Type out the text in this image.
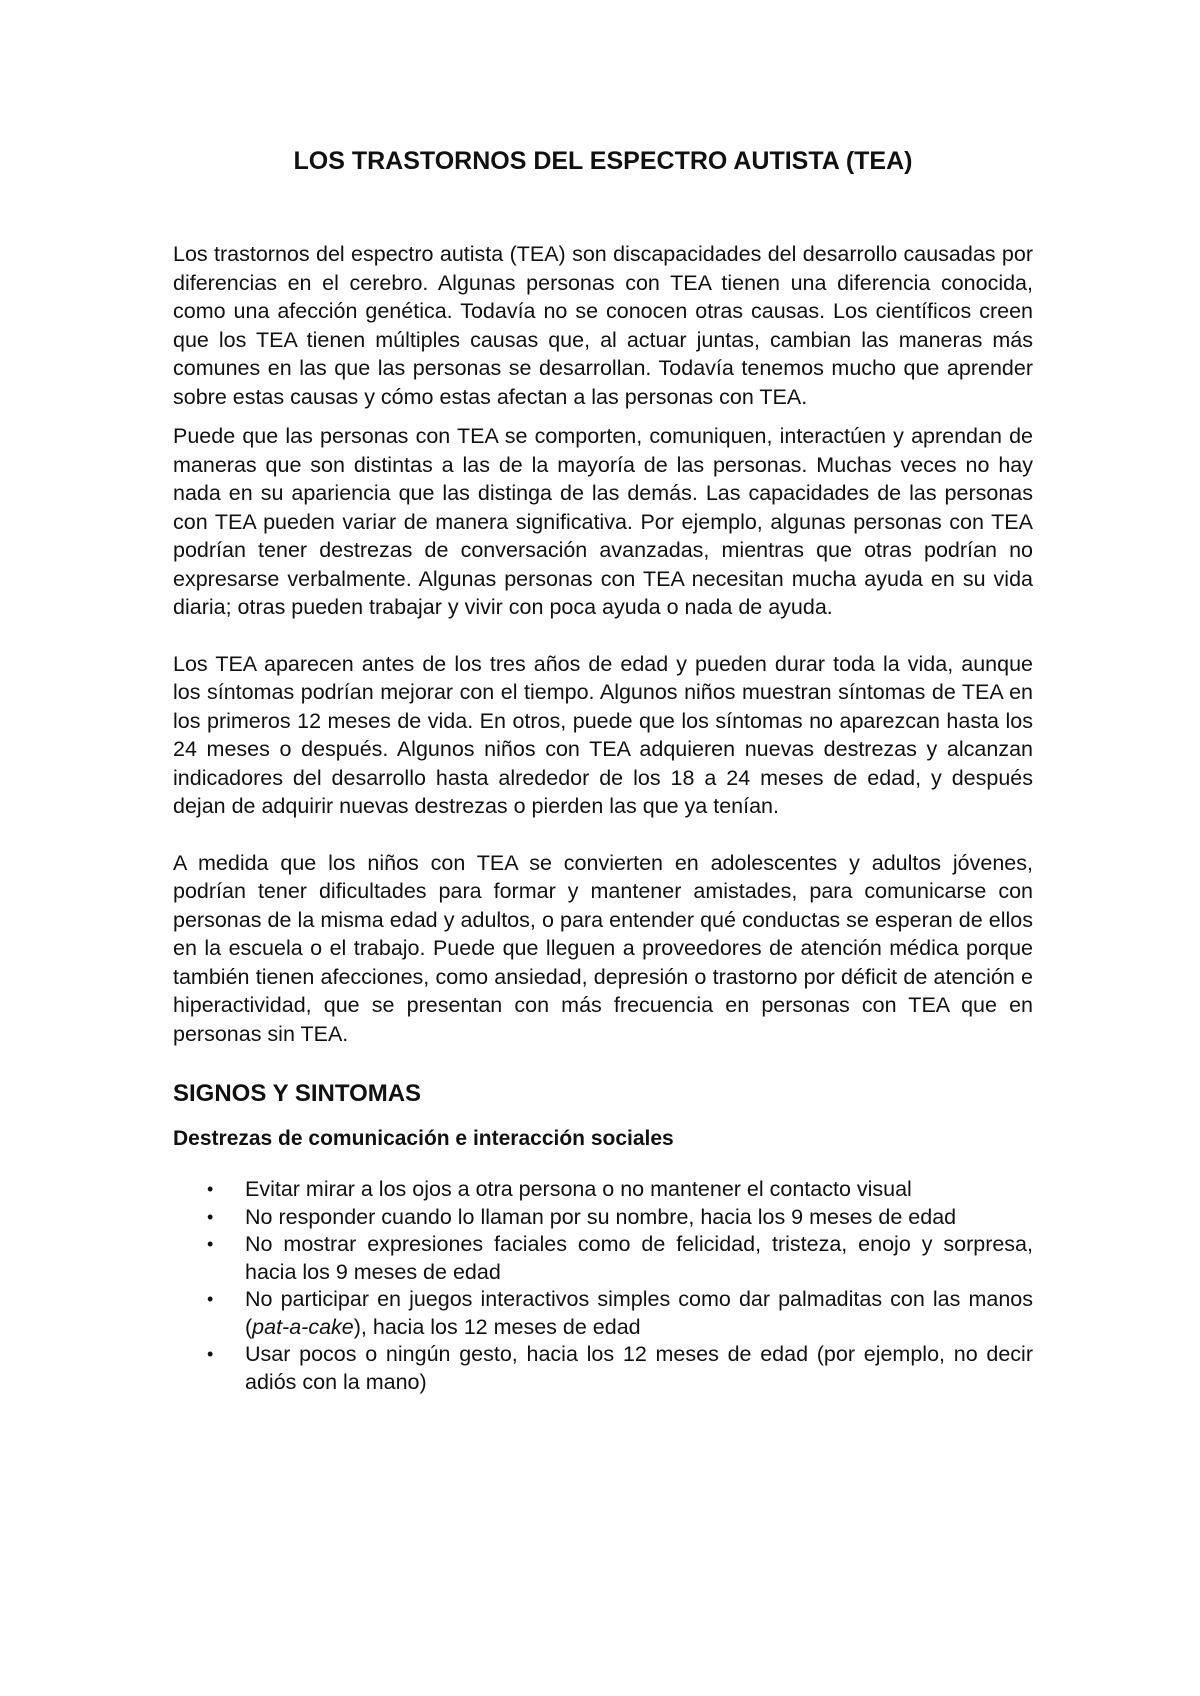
LOS TRASTORNOS DEL ESPECTRO AUTISTA (TEA)

Los trastornos del espectro autista (TEA) son discapacidades del desarrollo causadas por diferencias en el cerebro. Algunas personas con TEA tienen una diferencia conocida, como una afección genética. Todavía no se conocen otras causas. Los científicos creen que los TEA tienen múltiples causas que, al actuar juntas, cambian las maneras más comunes en las que las personas se desarrollan. Todavía tenemos mucho que aprender sobre estas causas y cómo estas afectan a las personas con TEA.

Puede que las personas con TEA se comporten, comuniquen, interactúen y aprendan de maneras que son distintas a las de la mayoría de las personas. Muchas veces no hay nada en su apariencia que las distinga de las demás. Las capacidades de las personas con TEA pueden variar de manera significativa. Por ejemplo, algunas personas con TEA podrían tener destrezas de conversación avanzadas, mientras que otras podrían no expresarse verbalmente. Algunas personas con TEA necesitan mucha ayuda en su vida diaria; otras pueden trabajar y vivir con poca ayuda o nada de ayuda.

Los TEA aparecen antes de los tres años de edad y pueden durar toda la vida, aunque los síntomas podrían mejorar con el tiempo. Algunos niños muestran síntomas de TEA en los primeros 12 meses de vida. En otros, puede que los síntomas no aparezcan hasta los 24 meses o después. Algunos niños con TEA adquieren nuevas destrezas y alcanzan indicadores del desarrollo hasta alrededor de los 18 a 24 meses de edad, y después dejan de adquirir nuevas destrezas o pierden las que ya tenían.

A medida que los niños con TEA se convierten en adolescentes y adultos jóvenes, podrían tener dificultades para formar y mantener amistades, para comunicarse con personas de la misma edad y adultos, o para entender qué conductas se esperan de ellos en la escuela o el trabajo. Puede que lleguen a proveedores de atención médica porque también tienen afecciones, como ansiedad, depresión o trastorno por déficit de atención e hiperactividad, que se presentan con más frecuencia en personas con TEA que en personas sin TEA.

SIGNOS Y SINTOMAS
Destrezas de comunicación e interacción sociales
• Evitar mirar a los ojos a otra persona o no mantener el contacto visual
• No responder cuando lo llaman por su nombre, hacia los 9 meses de edad
• No mostrar expresiones faciales como de felicidad, tristeza, enojo y sorpresa, hacia los 9 meses de edad
• No participar en juegos interactivos simples como dar palmaditas con las manos (pat-a-cake), hacia los 12 meses de edad
• Usar pocos o ningún gesto, hacia los 12 meses de edad (por ejemplo, no decir adiós con la mano)
